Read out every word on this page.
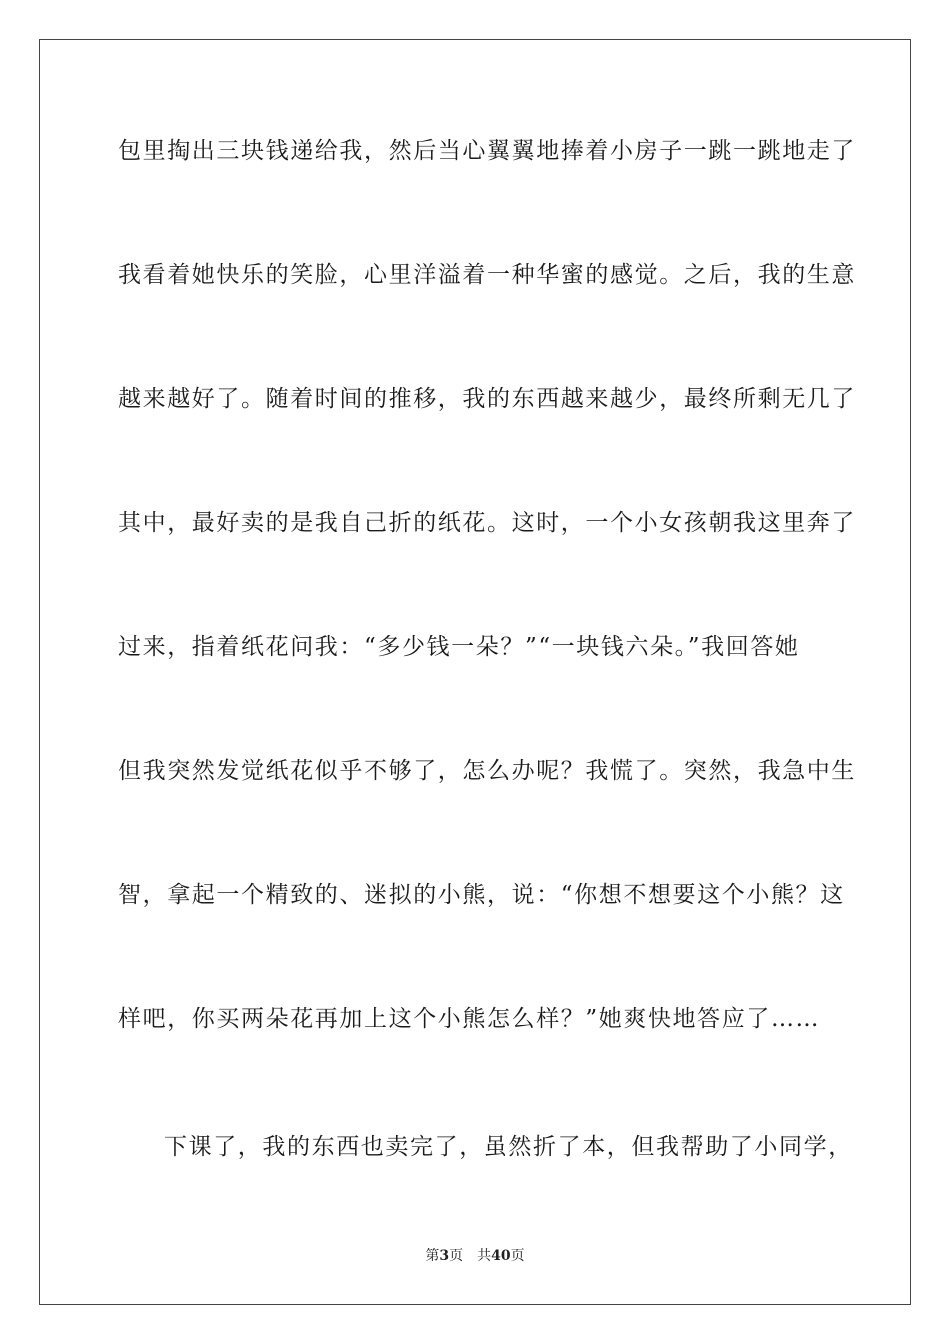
包里掏出三块钱递给我，然后当心翼翼地捧着小房子一跳一跳地走了
我看着她快乐的笑脸，心里洋溢着一种华蜜的感觉。之后，我的生意
越来越好了。随着时间的推移，我的东西越来越少，最终所剩无几了
其中，最好卖的是我自己折的纸花。这时，一个小女孩朝我这里奔了
过来，指着纸花问我：“多少钱一朵？”“一块钱六朵。”我回答她
但我突然发觉纸花似乎不够了，怎么办呢？我慌了。突然，我急中生
智，拿起一个精致的、迷拟的小熊，说：“你想不想要这个小熊？这
样吧，你买两朵花再加上这个小熊怎么样？”她爽快地答应了……
下课了，我的东西也卖完了，虽然折了本，但我帮助了小同学，
第3页 共40页
